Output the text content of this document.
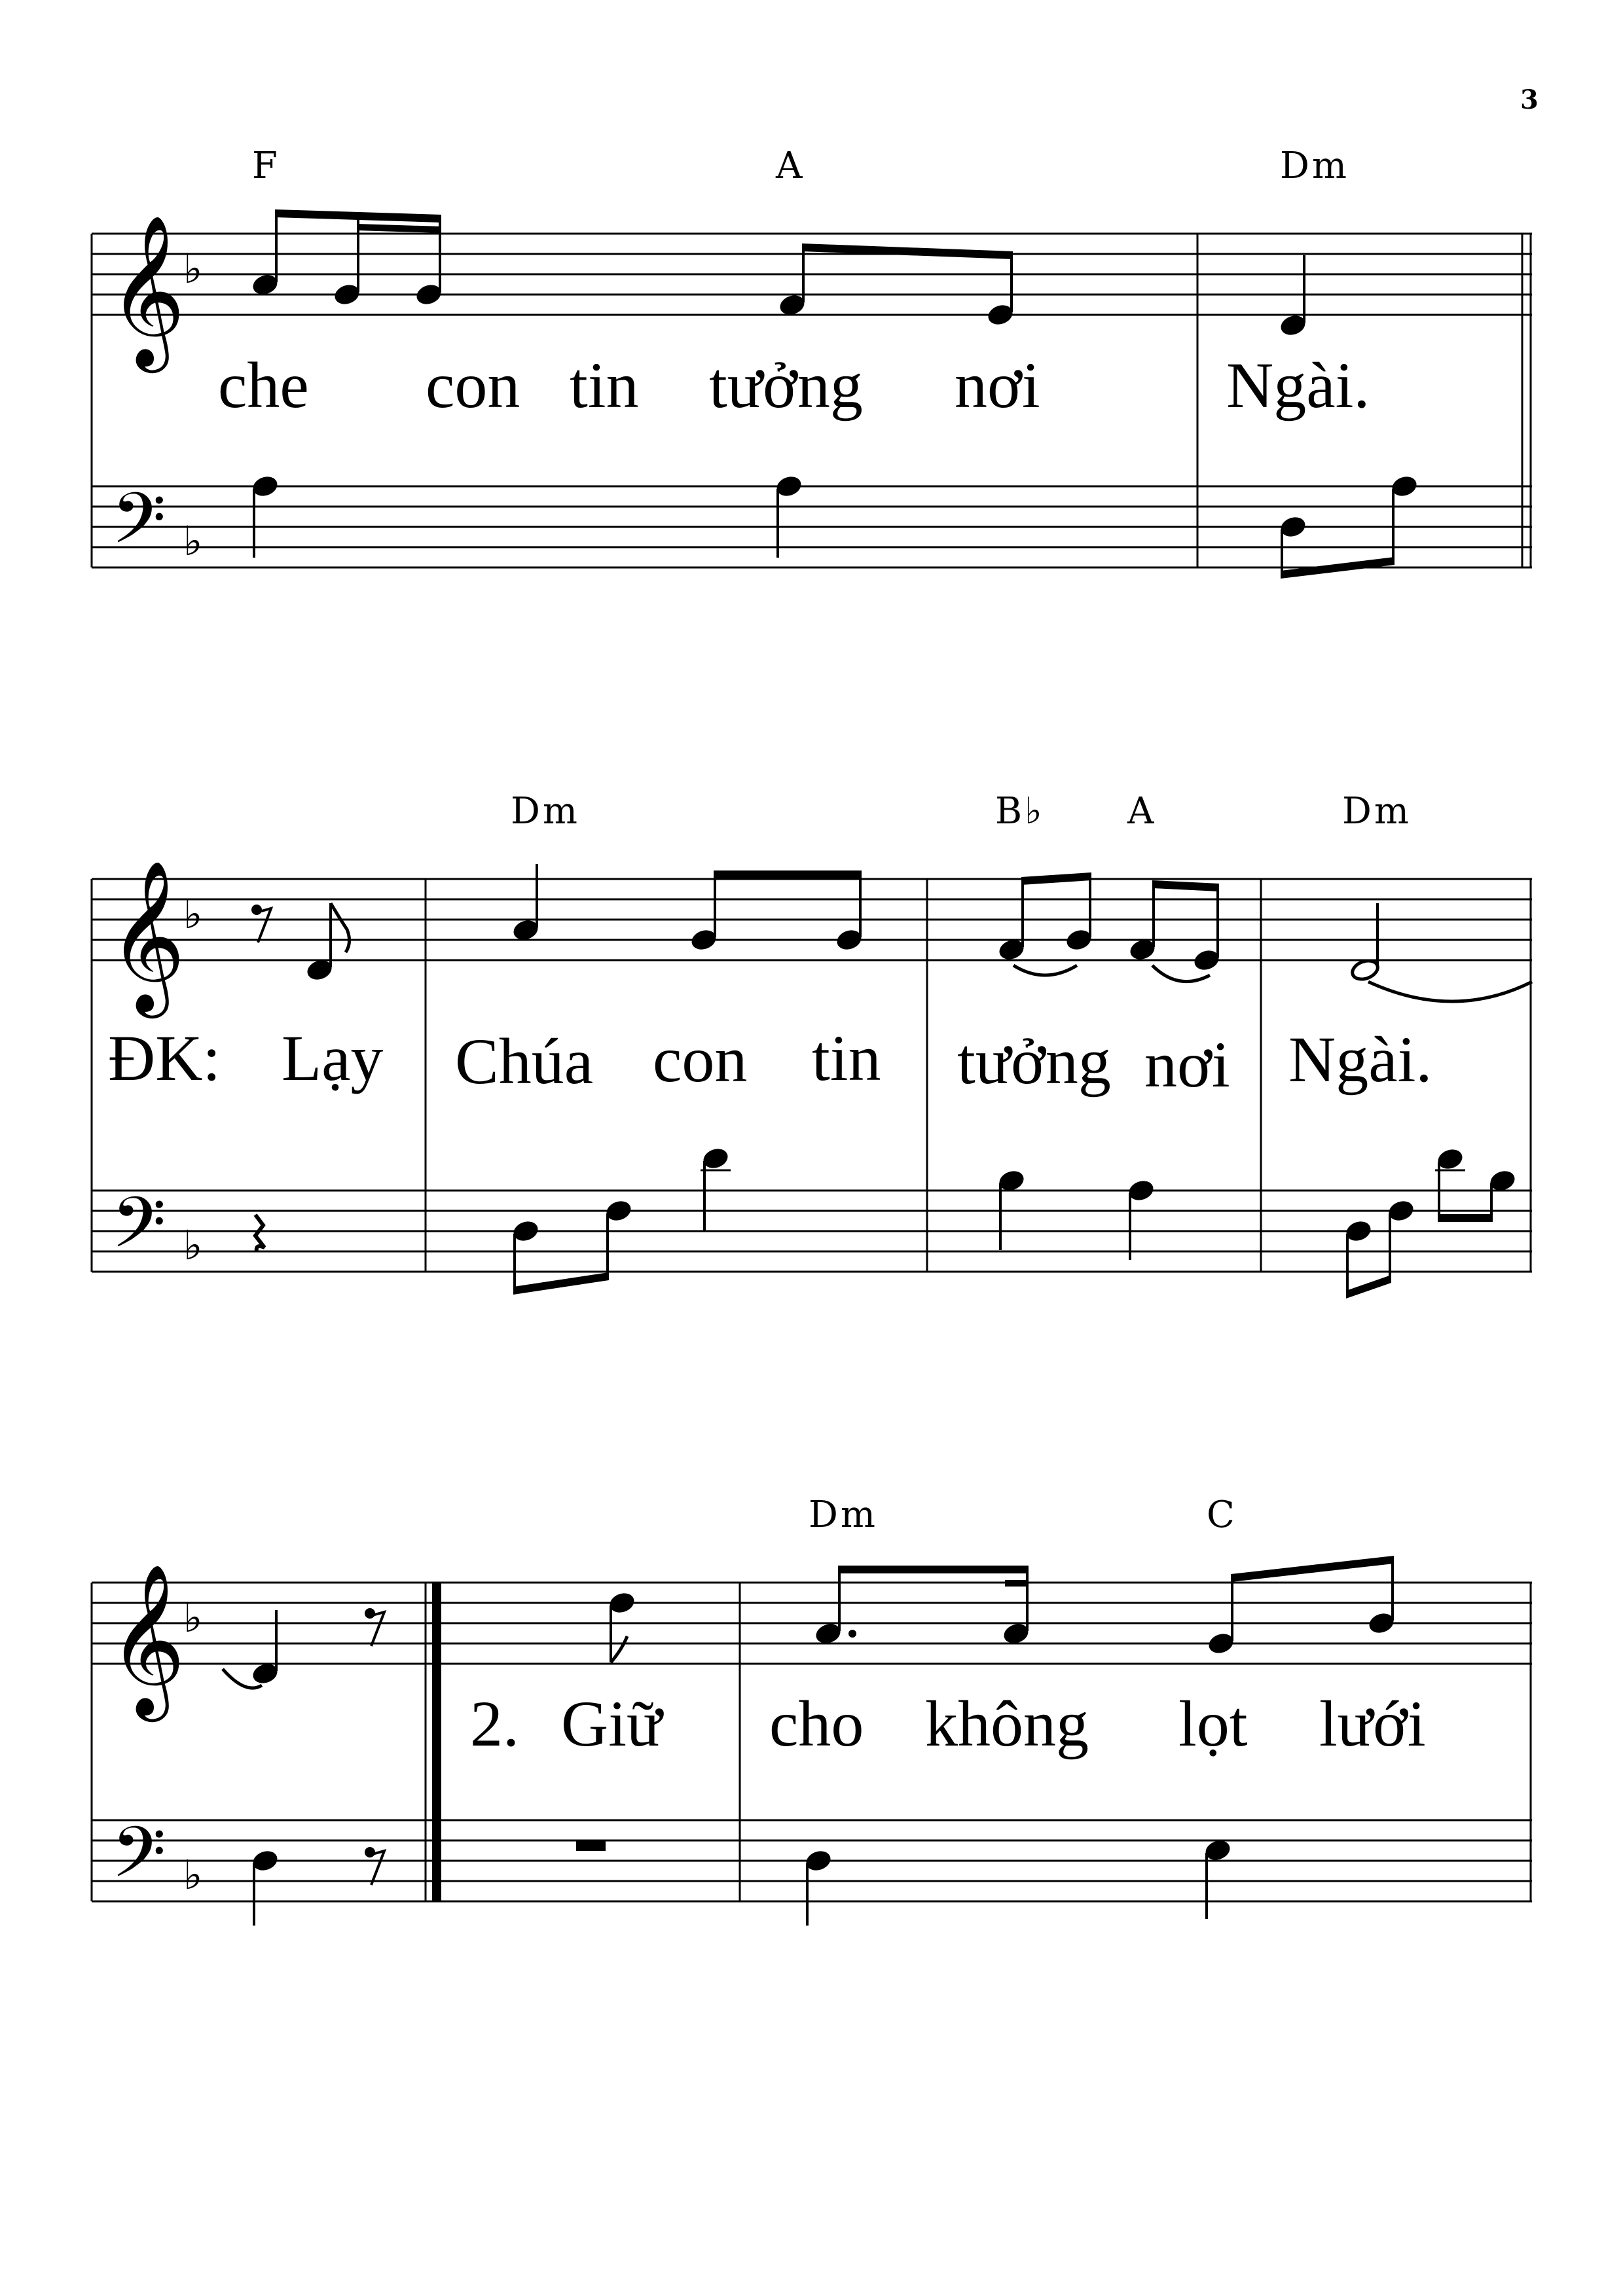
3
𝄞
𝄢
♭
♭
F	A	Dm
che con tin tưởng nơi	Ngài.
𝄞
𝄢
♭
♭
Dm	B♭ A	Dm
ĐK: Lạy Chúa con tin tưởng nơi Ngài.
𝄞
𝄢
♭
♭
Dm	C
2. Giữ cho không lọt lưới
